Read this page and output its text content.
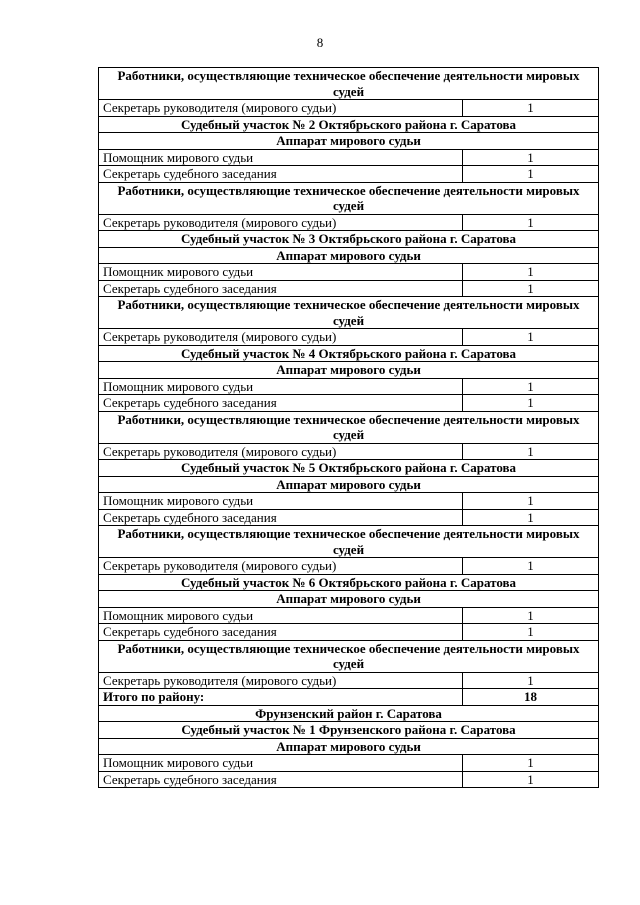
8
Работники, осуществляющие техническое обеспечение деятельности мировых судей	
Секретарь руководителя (мирового судьи)	1
Судебный участок № 2 Октябрьского района г. Саратова	
Аппарат мирового судьи	
Помощник мирового судьи	1
Секретарь судебного заседания	1
Работники, осуществляющие техническое обеспечение деятельности мировых судей	
Секретарь руководителя (мирового судьи)	1
Судебный участок № 3 Октябрьского района г. Саратова	
Аппарат мирового судьи	
Помощник мирового судьи	1
Секретарь судебного заседания	1
Работники, осуществляющие техническое обеспечение деятельности мировых судей	
Секретарь руководителя (мирового судьи)	1
Судебный участок № 4 Октябрьского района г. Саратова	
Аппарат мирового судьи	
Помощник мирового судьи	1
Секретарь судебного заседания	1
Работники, осуществляющие техническое обеспечение деятельности мировых судей	
Секретарь руководителя (мирового судьи)	1
Судебный участок № 5 Октябрьского района г. Саратова	
Аппарат мирового судьи	
Помощник мирового судьи	1
Секретарь судебного заседания	1
Работники, осуществляющие техническое обеспечение деятельности мировых судей	
Секретарь руководителя (мирового судьи)	1
Судебный участок № 6 Октябрьского района г. Саратова	
Аппарат мирового судьи	
Помощник мирового судьи	1
Секретарь судебного заседания	1
Работники, осуществляющие техническое обеспечение деятельности мировых судей	
Секретарь руководителя (мирового судьи)	1
Итого по району:	18
Фрунзенский район г. Саратова	
Судебный участок № 1 Фрунзенского района г. Саратова	
Аппарат мирового судьи	
Помощник мирового судьи	1
Секретарь судебного заседания	1
